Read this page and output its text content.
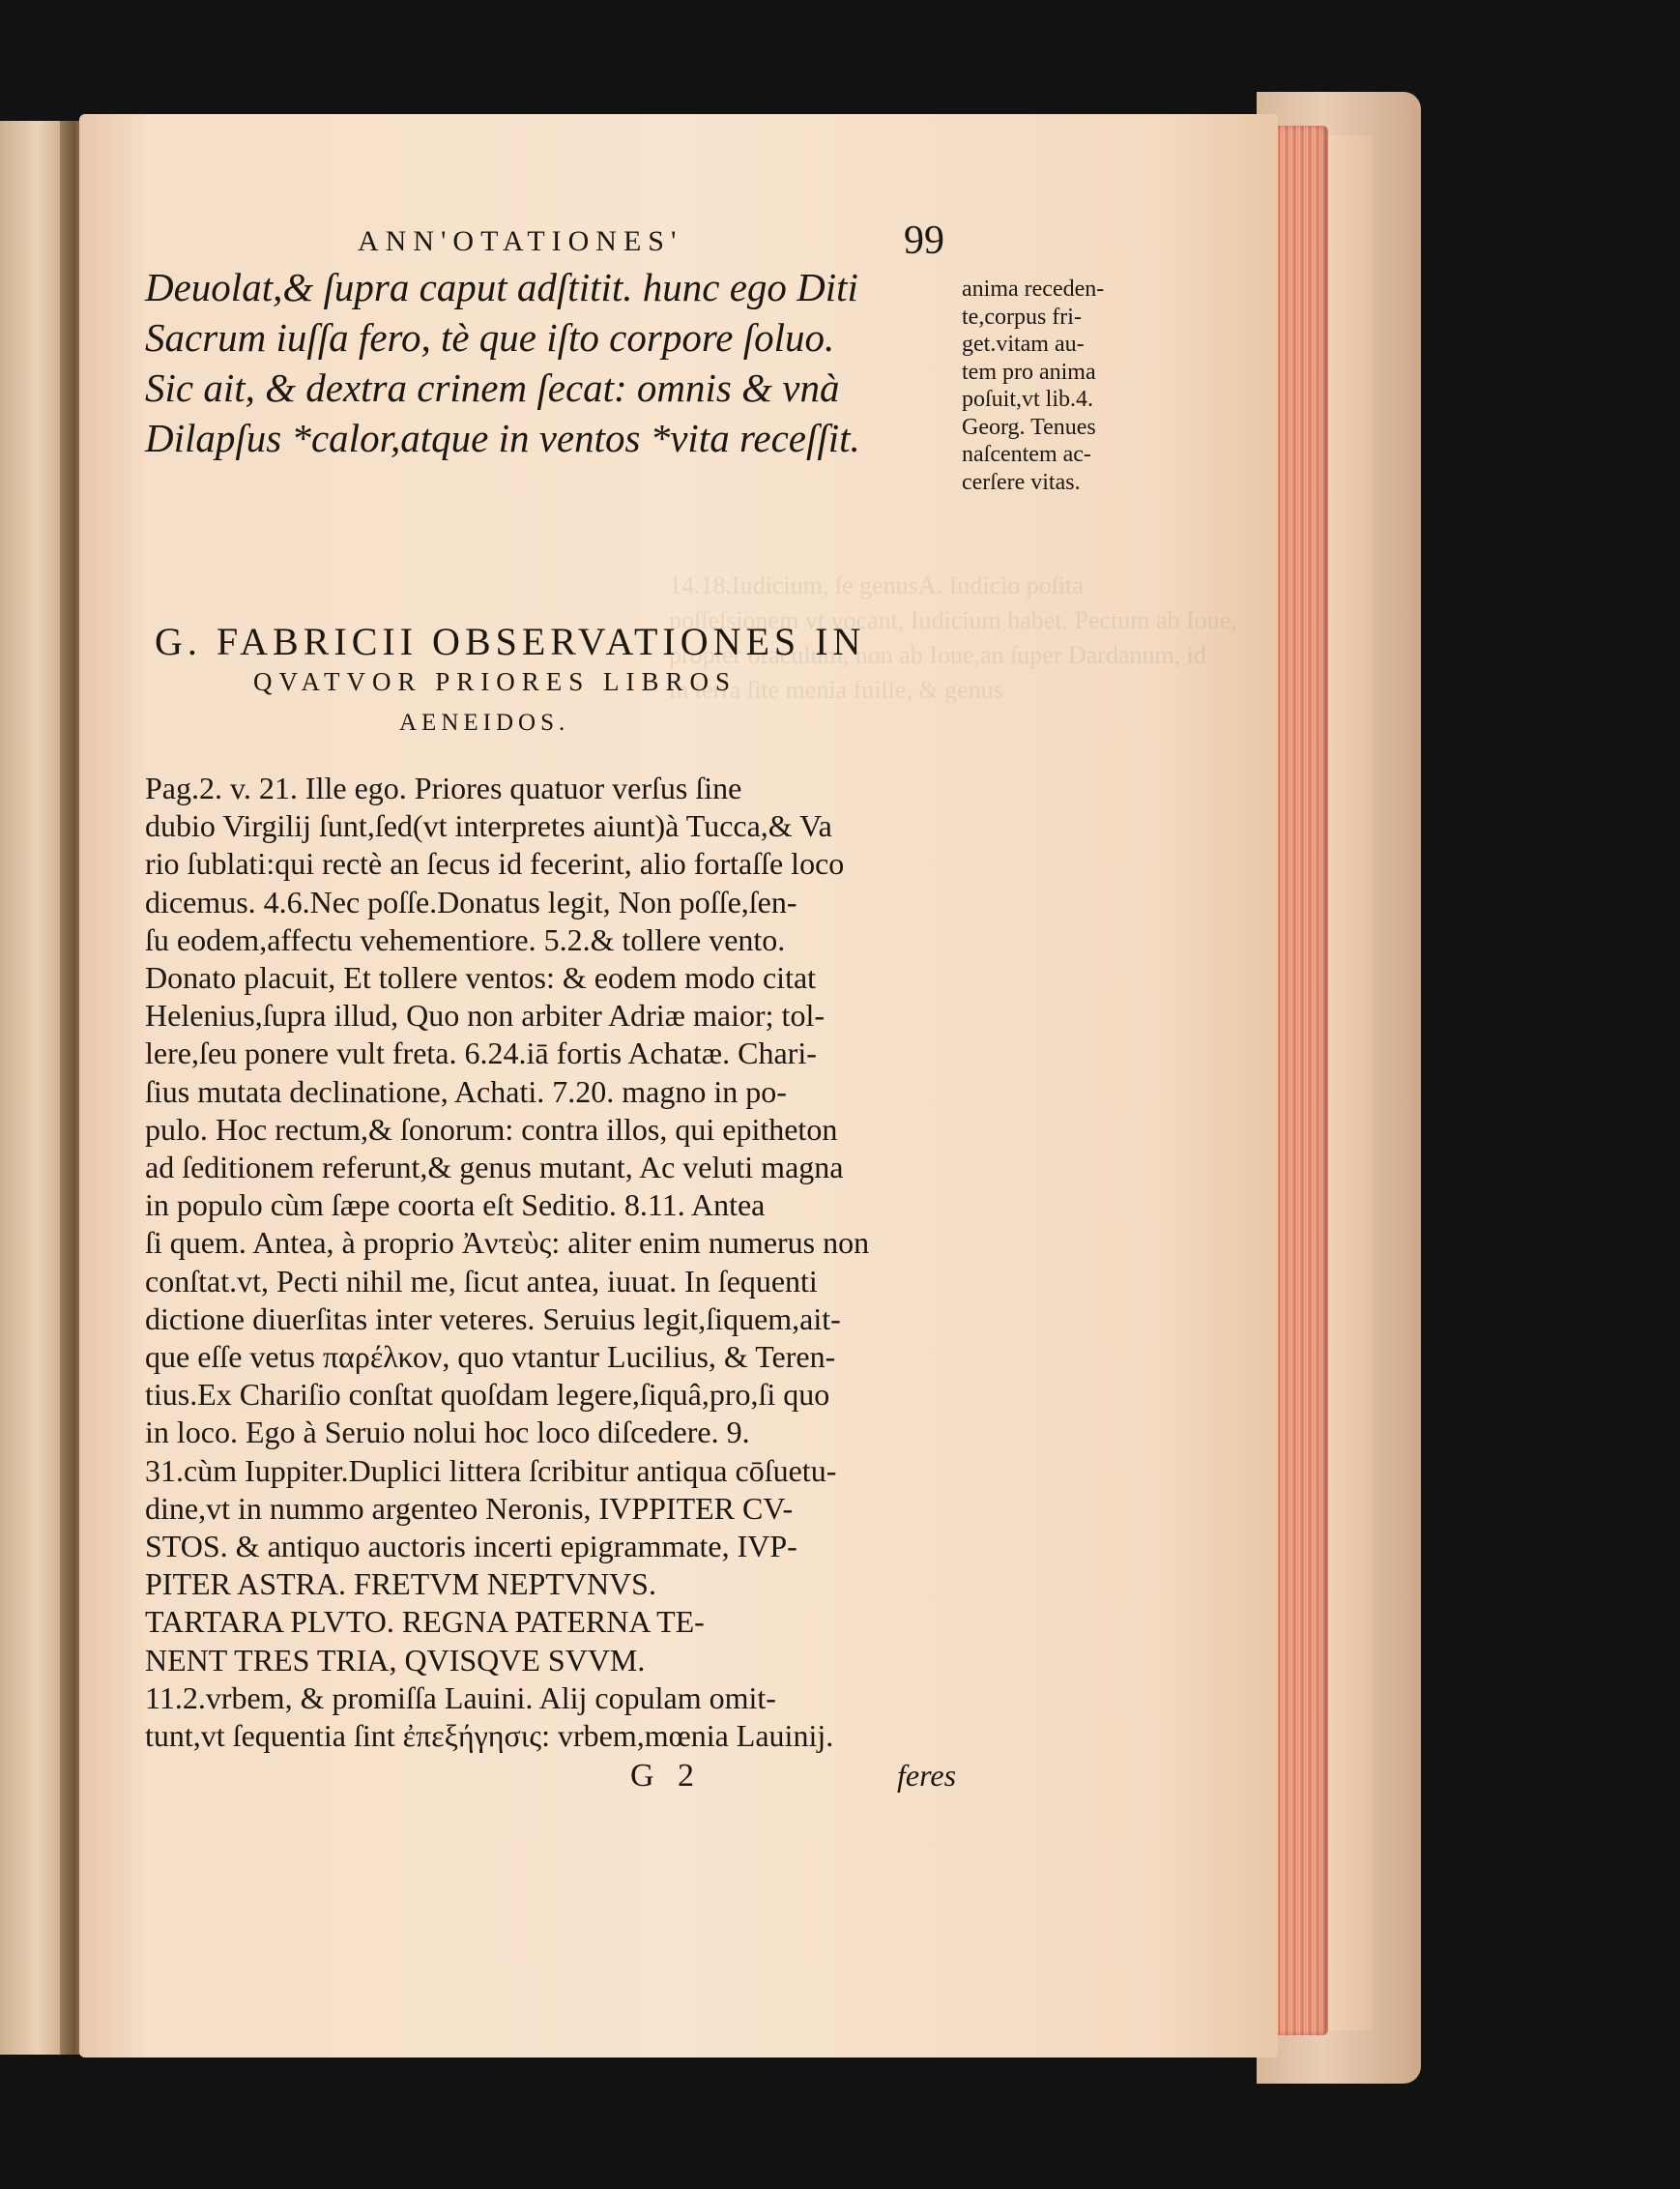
14.18.Iudicium, ſe genusA. Iudicio poſita
poſſeſsionem vt vocant, Iudicium habet. Pectum ab Ioue,
propter oraculum, non ab Ioue,an ſuper Dardanum, id
in terra ſite menia fuiſſe, & genus
ANN'OTATIONES'	99
Deuolat,& ſupra caput adſtitit. hunc ego Diti
Sacrum iuſſa fero, tè que iſto corpore ſoluo.
Sic ait, & dextra crinem ſecat: omnis & vnà
Dilapſus *calor,atque in ventos *vita receſſit.
anima receden-
te,corpus fri-
get.vitam au-
tem pro anima
poſuit,vt lib.4.
Georg. Tenues
naſcentem ac-
cerſere vitas.
G. FABRICII OBSERVATIONES IN
QVATVOR PRIORES LIBROS
AENEIDOS.
Pag.2. v. 21. Ille ego. Priores quatuor verſus ſine
dubio Virgilij ſunt,ſed(vt interpretes aiunt)à Tucca,& Va
rio ſublati:qui rectè an ſecus id fecerint, alio fortaſſe loco
dicemus. 4.6.Nec poſſe.Donatus legit, Non poſſe,ſen-
ſu eodem,affectu vehementiore. 5.2.& tollere vento.
Donato placuit, Et tollere ventos: & eodem modo citat
Helenius,ſupra illud, Quo non arbiter Adriæ maior; tol-
lere,ſeu ponere vult freta. 6.24.iā fortis Achatæ. Chari-
ſius mutata declinatione, Achati. 7.20. magno in po-
pulo. Hoc rectum,& ſonorum: contra illos, qui epitheton
ad ſeditionem referunt,& genus mutant, Ac veluti magna
in populo cùm ſæpe coorta eſt Seditio. 8.11. Antea
ſi quem. Antea, à proprio Ἀντεὺς: aliter enim numerus non
conſtat.vt, Pecti nihil me, ſicut antea, iuuat. In ſequenti
dictione diuerſitas inter veteres. Seruius legit,ſiquem,ait-
que eſſe vetus παρέλκον, quo vtantur Lucilius, & Teren-
tius.Ex Chariſio conſtat quoſdam legere,ſiquâ,pro,ſi quo
in loco. Ego à Seruio nolui hoc loco diſcedere. 9.
31.cùm Iuppiter.Duplici littera ſcribitur antiqua cōſuetu-
dine,vt in nummo argenteo Neronis, IVPPITER CV-
STOS. & antiquo auctoris incerti epigrammate, IVP-
PITER ASTRA. FRETVM NEPTVNVS.
TARTARA PLVTO. REGNA PATERNA TE-
NENT TRES TRIA, QVISQVE SVVM.
11.2.vrbem, & promiſſa Lauini. Alij copulam omit-
tunt,vt ſequentia ſint ἐπεξήγησις: vrbem,mœnia Lauinij.
G 2	feres
